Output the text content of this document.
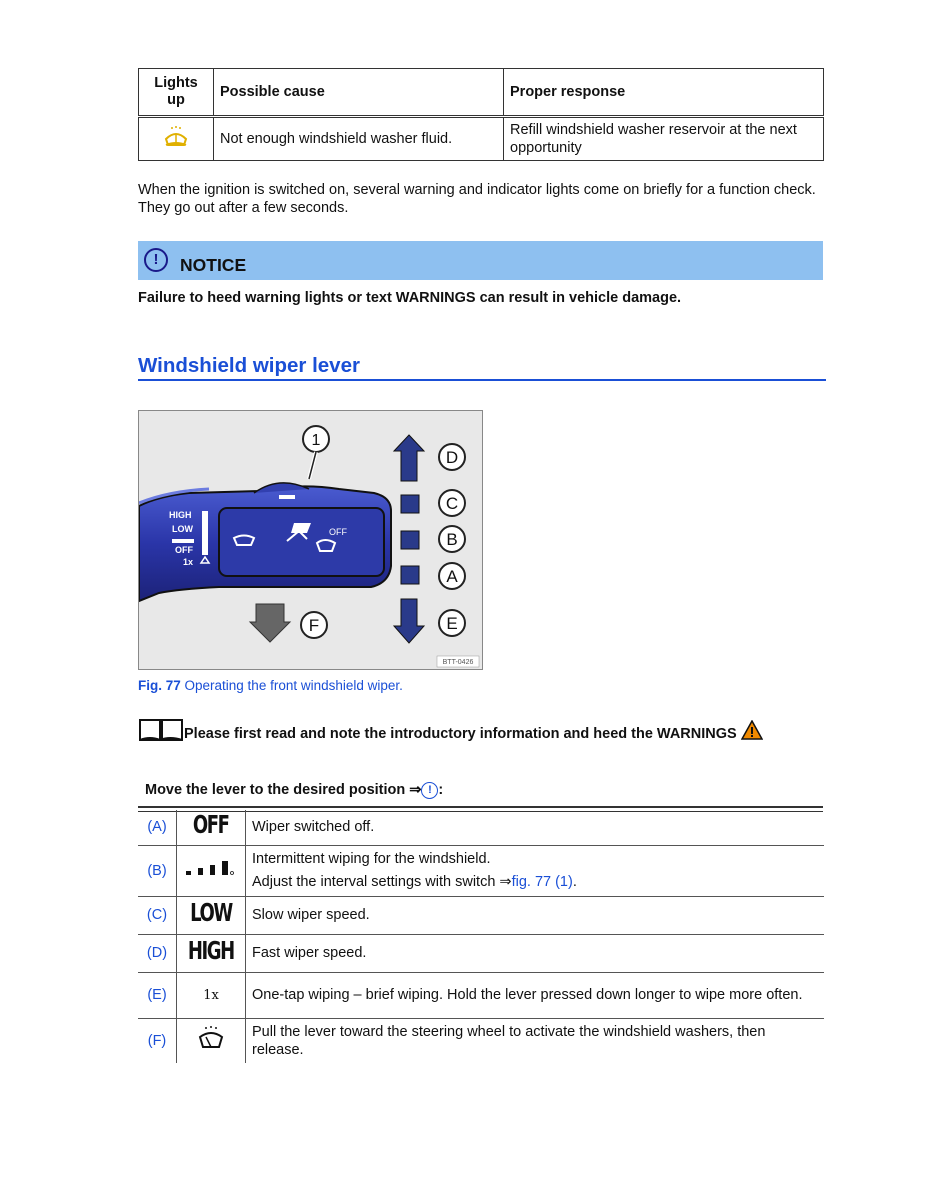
Lights up	Possible cause	Proper response
	Not enough windshield washer fluid.	Refill windshield washer reservoir at the next opportunity
When the ignition is switched on, several warning and indicator lights come on briefly for a function check. They go out after a few seconds.
!	NOTICE
Failure to heed warning lights or text WARNINGS can result in vehicle damage.
Windshield wiper lever
HIGH
LOW
OFF
1x
OFF
1
D
C
B
A
E
F
BTT-0426
Fig. 77 Operating the front windshield wiper.
Please first read and note the introductory information and heed the WARNINGS
Move the lever to the desired position ⇒ ! :
(A)	OFF	Wiper switched off.
(B)		Intermittent wiping for the windshield.
Adjust the interval settings with switch ⇒fig. 77 (1).

(C)	LOW	Slow wiper speed.
(D)	HIGH	Fast wiper speed.
(E)	1x	One-tap wiping – brief wiping. Hold the lever pressed down longer to wipe more often.
(F)		Pull the lever toward the steering wheel to activate the windshield washers, then release.
